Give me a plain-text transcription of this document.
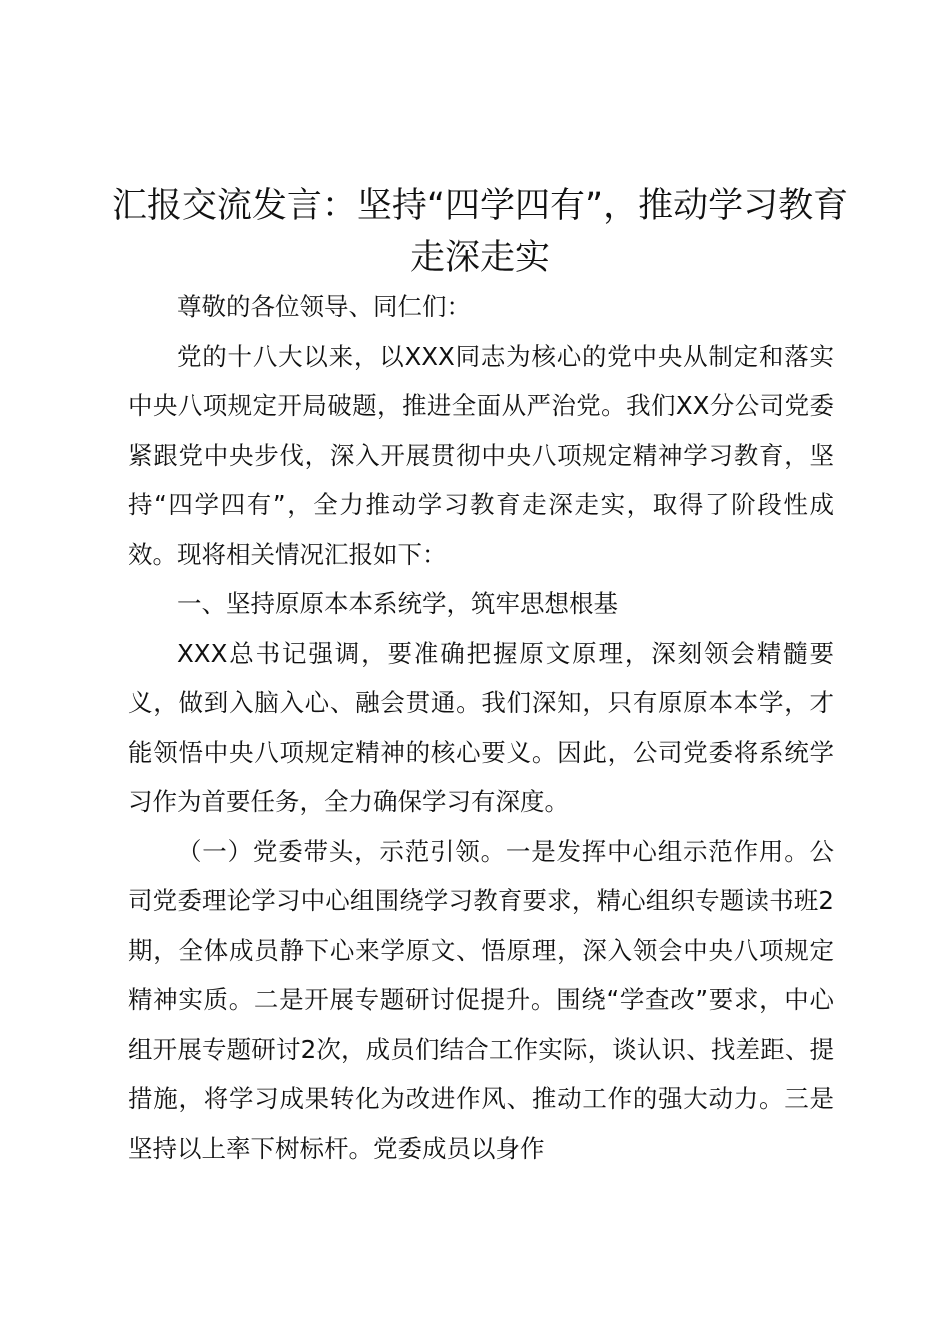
汇报交流发言：坚持“四学四有”，推动学习教育走深走实

尊敬的各位领导、同仁们：

党的十八大以来，以XXX同志为核心的党中央从制定和落实中央八项规定开局破题，推进全面从严治党。我们XX分公司党委紧跟党中央步伐，深入开展贯彻中央八项规定精神学习教育，坚持“四学四有”，全力推动学习教育走深走实，取得了阶段性成效。现将相关情况汇报如下：

一、坚持原原本本系统学，筑牢思想根基

XXX总书记强调，要准确把握原文原理，深刻领会精髓要义，做到入脑入心、融会贯通。我们深知，只有原原本本学，才能领悟中央八项规定精神的核心要义。因此，公司党委将系统学习作为首要任务，全力确保学习有深度。

（一）党委带头，示范引领。一是发挥中心组示范作用。公司党委理论学习中心组围绕学习教育要求，精心组织专题读书班2期，全体成员静下心来学原文、悟原理，深入领会中央八项规定精神实质。二是开展专题研讨促提升。围绕“学查改”要求，中心组开展专题研讨2次，成员们结合工作实际，谈认识、找差距、提措施，将学习成果转化为改进作风、推动工作的强大动力。三是坚持以上率下树标杆。党委成员以身作
